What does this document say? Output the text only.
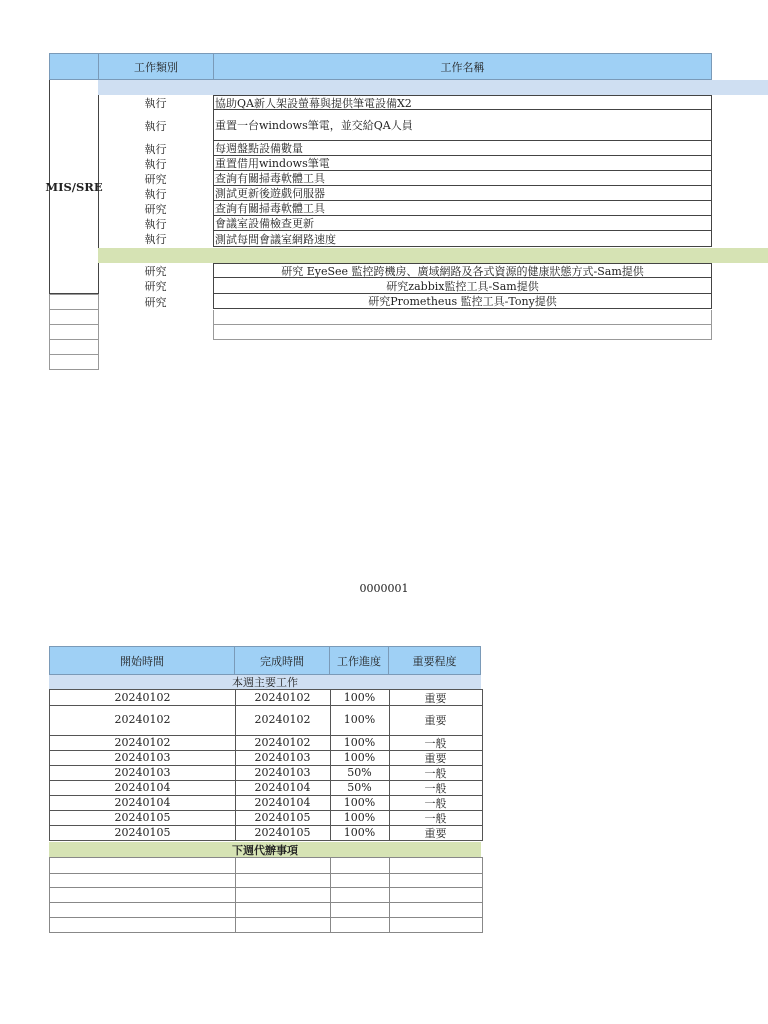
工作類別	工作名稱
MIS/SRE
執行	協助QA新人架設螢幕與提供筆電設備X2
執行	重置一台windows筆電，並交給QA人員
執行	每週盤點設備數量
執行	重置借用windows筆電
研究	查詢有關掃毒軟體工具
執行	測試更新後遊戲伺服器
研究	查詢有關掃毒軟體工具
執行	會議室設備檢查更新
執行	測試每間會議室網路速度
研究	研究 EyeSee 監控跨機房、廣域網路及各式資源的健康狀態方式-Sam提供
研究	研究zabbix監控工具-Sam提供
研究	研究Prometheus 監控工具-Tony提供
0000001
開始時間	完成時間	工作進度	重要程度
本週主要工作
20240102	20240102	100%	重要
20240102	20240102	100%	重要
20240102	20240102	100%	一般
20240103	20240103	100%	重要
20240103	20240103	50%	一般
20240104	20240104	50%	一般
20240104	20240104	100%	一般
20240105	20240105	100%	一般
20240105	20240105	100%	重要
下週代辦事項
